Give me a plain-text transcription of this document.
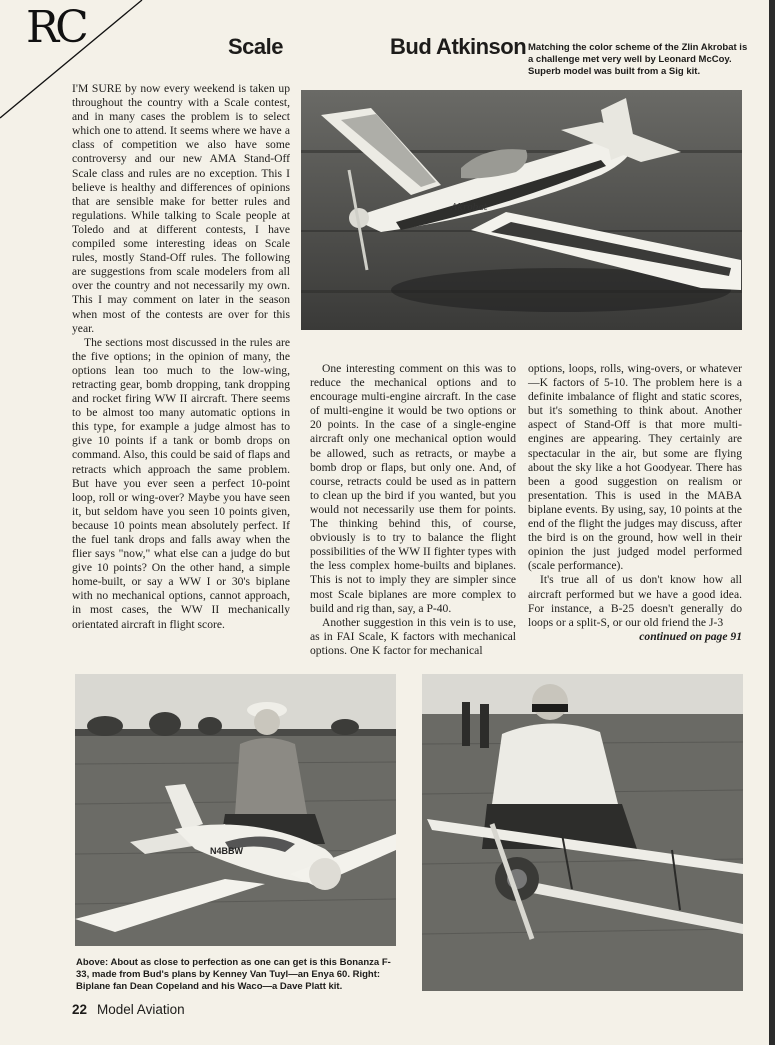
RC	Scale	Bud Atkinson Matching the color scheme of the Zlin Akrobat is a challenge met very well by Leonard McCoy. Superb model was built from a Sig kit.
Akrobat

I'M SURE by now every weekend is taken up throughout the country with a Scale contest, and in many cases the problem is to select which one to attend. It seems where we have a class of competition we also have some controversy and our new AMA Stand-Off Scale class and rules are no exception. This I believe is healthy and differences of opinions that are sensible make for better rules and regulations. While talking to Scale people at Toledo and at different contests, I have compiled some interesting ideas on Scale rules, mostly Stand-Off rules. The following are suggestions from scale modelers from all over the country and not necessarily my own. This I may comment on later in the season when most of the contests are over for this year.

The sections most discussed in the rules are the five options; in the opinion of many, the options lean too much to the low-wing, retracting gear, bomb dropping, tank dropping and rocket firing WW II aircraft. There seems to be almost too many automatic options in this type, for example a judge almost has to give 10 points if a tank or bomb drops on command. Also, this could be said of flaps and retracts which approach the same problem. But have you ever seen a perfect 10-point loop, roll or wing-over? Maybe you have seen it, but seldom have you seen 10 points given, because 10 points mean absolutely perfect. If the fuel tank drops and falls away when the flier says "now," what else can a judge do but give 10 points? On the other hand, a simple home-built, or say a WW I or 30's biplane with no mechanical options, cannot approach, in most cases, the WW II mechanically orientated aircraft in flight score.

One interesting comment on this was to reduce the mechanical options and to encourage multi-engine aircraft. In the case of multi-engine it would be two options or 20 points. In the case of a single-engine aircraft only one mechanical option would be allowed, such as retracts, or maybe a bomb drop or flaps, but only one. And, of course, retracts could be used as in pattern to clean up the bird if you wanted, but you would not necessarily use them for points. The thinking behind this, of course, obviously is to try to balance the flight possibilities of the WW II fighter types with the less complex home-builts and biplanes. This is not to imply they are simpler since most Scale biplanes are more complex to build and rig than, say, a P-40.

Another suggestion in this vein is to use, as in FAI Scale, K factors with mechanical options. One K factor for mechanical

options, loops, rolls, wing-overs, or whatever—K factors of 5-10. The problem here is a definite imbalance of flight and static scores, but it's something to think about. Another aspect of Stand-Off is that more multi-engines are appearing. They certainly are spectacular in the air, but some are flying about the sky like a hot Goodyear. There has been a good suggestion on realism or presentation. This is used in the MABA biplane events. By using, say, 10 points at the end of the flight the judges may discuss, after the bird is on the ground, how well in their opinion the just judged model performed (scale performance).

It's true all of us don't know how all aircraft performed but we have a good idea. For instance, a B-25 doesn't generally do loops or a split-S, or our old friend the J-3

continued on page 91
N4BBW
Above: About as close to perfection as one can get is this Bonanza F-33, made from Bud's plans by Kenney Van Tuyl—an Enya 60. Right: Biplane fan Dean Copeland and his Waco—a Dave Platt kit.
22 Model Aviation
